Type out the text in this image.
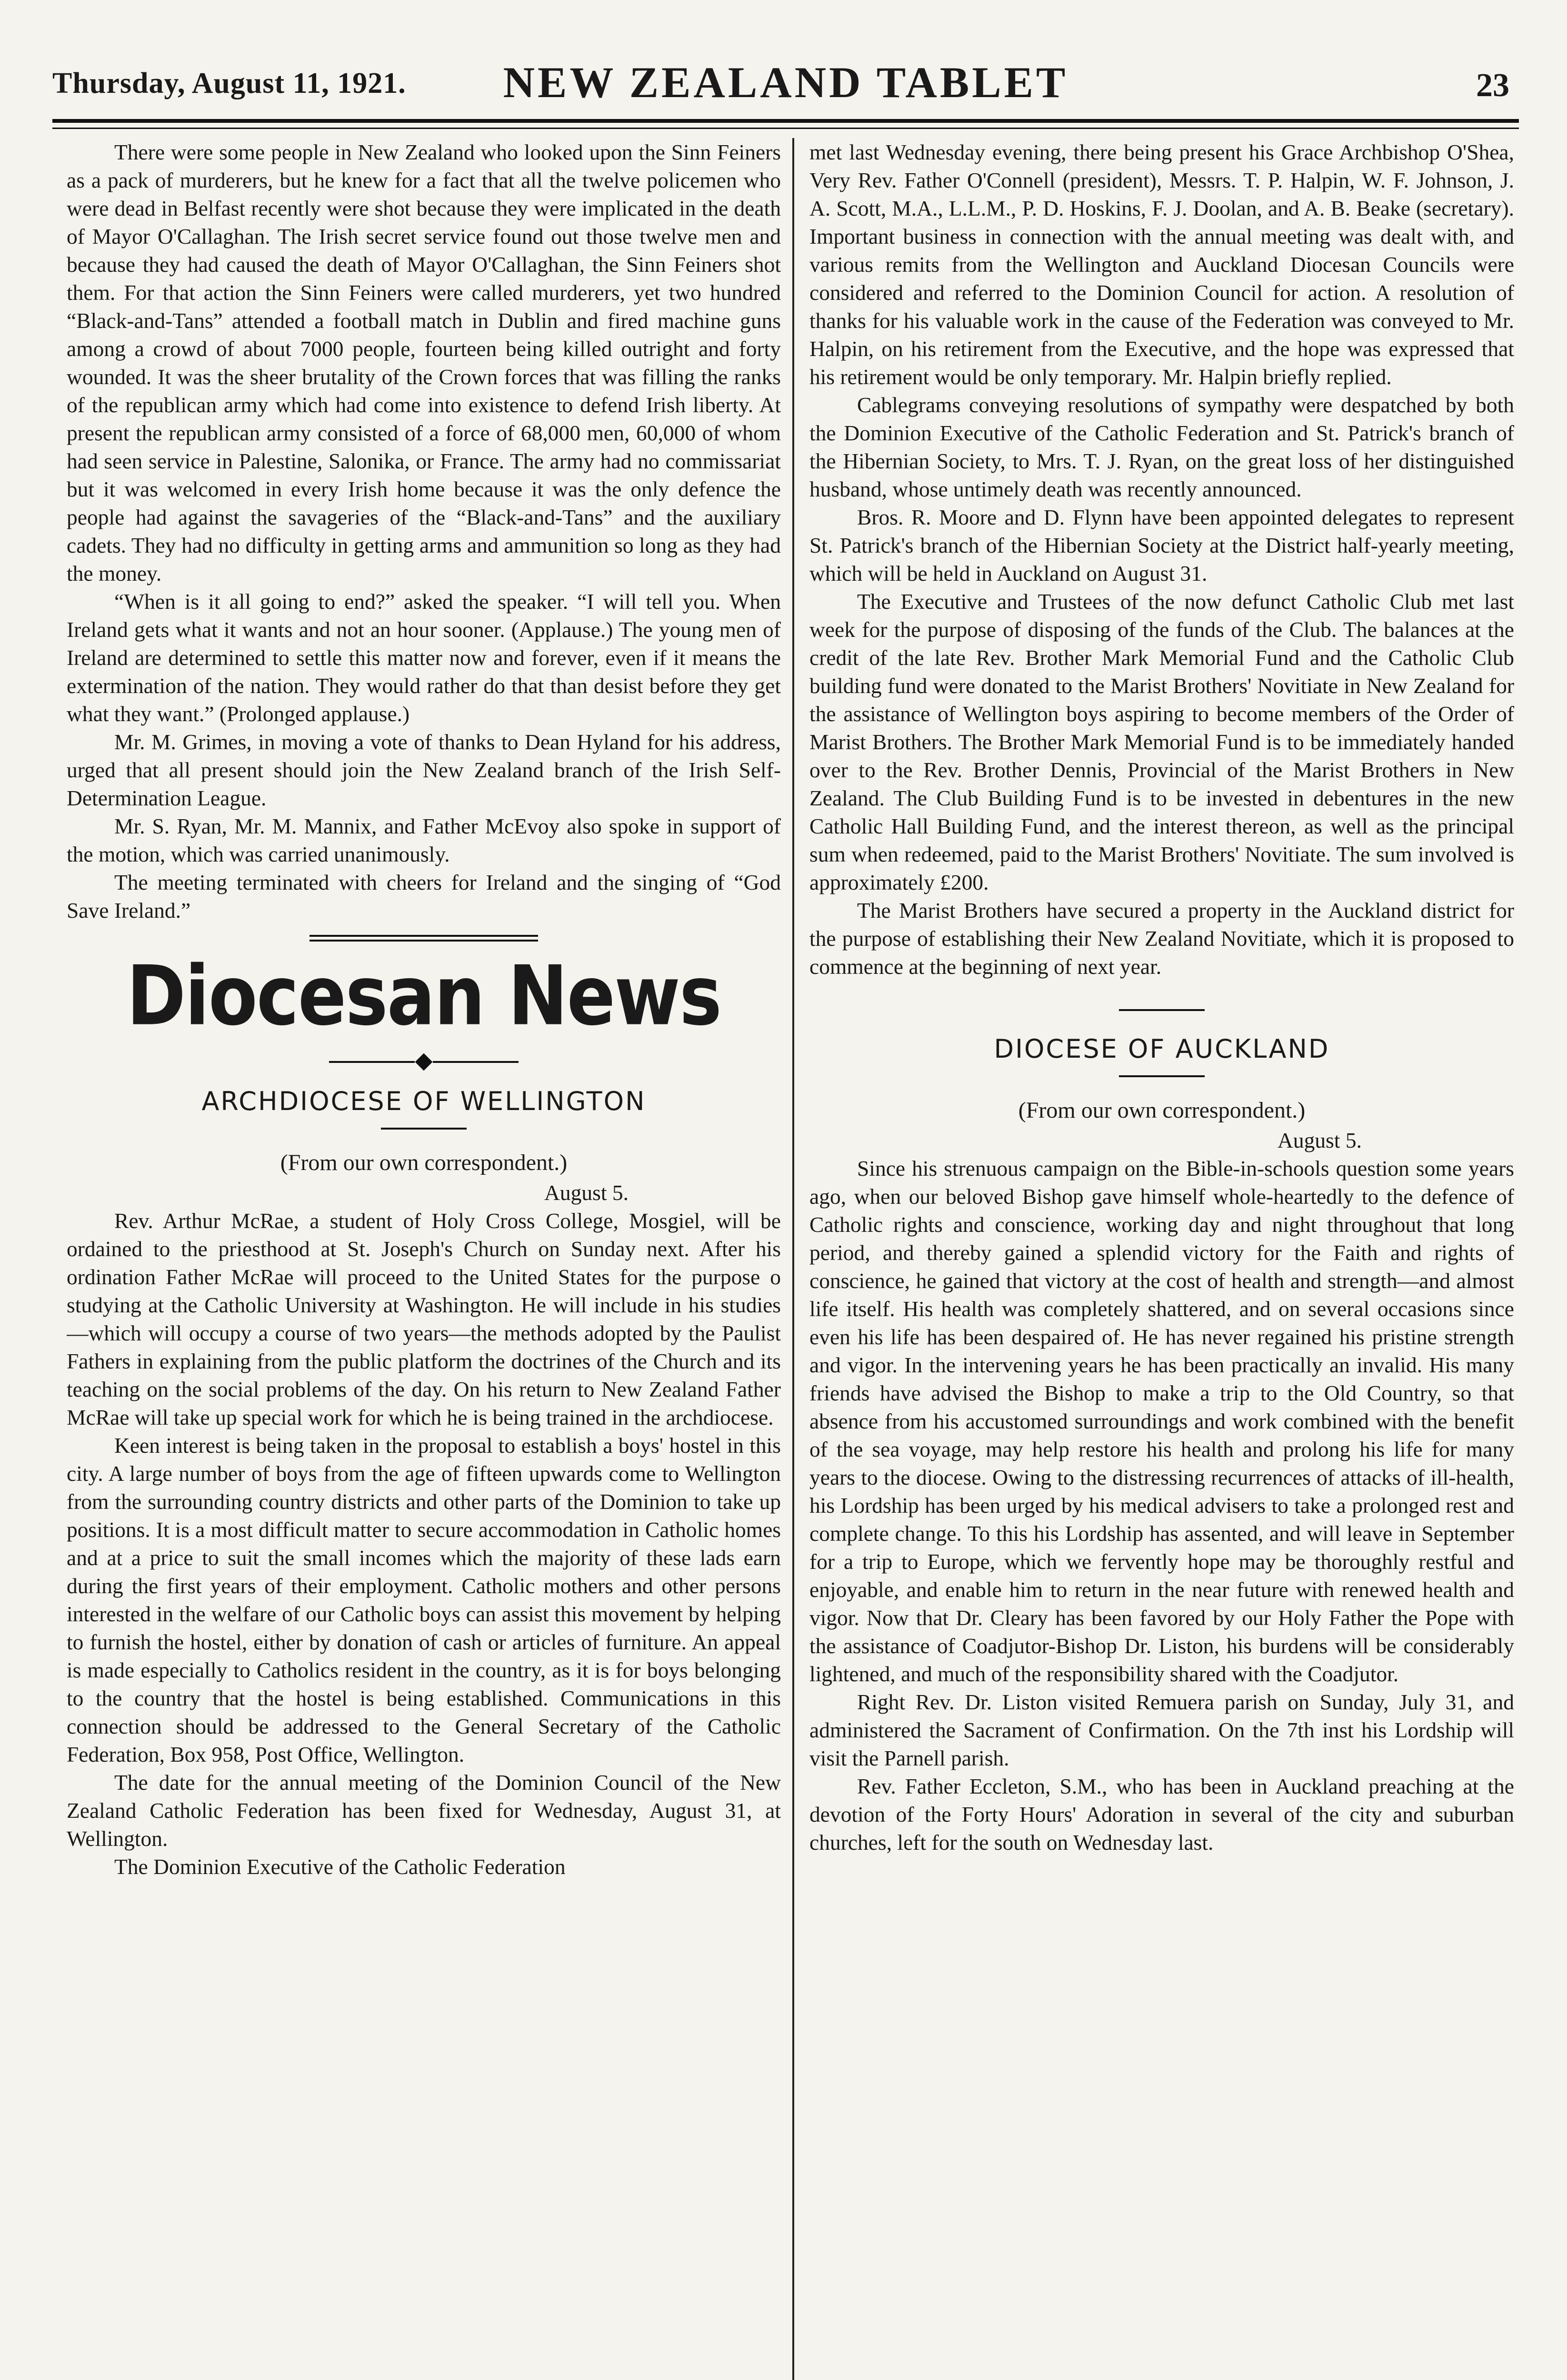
Thursday, August 11, 1921.	NEW ZEALAND TABLET	23

There were some people in New Zealand who looked upon the Sinn Feiners as a pack of murderers, but he knew for a fact that all the twelve policemen who were dead in Belfast recently were shot because they were implicated in the death of Mayor O'Callaghan. The Irish secret service found out those twelve men and because they had caused the death of Mayor O'Callaghan, the Sinn Feiners shot them. For that action the Sinn Feiners were called murderers, yet two hundred “Black-and-Tans” attended a football match in Dublin and fired machine guns among a crowd of about 7000 people, fourteen being killed outright and forty wounded. It was the sheer brutality of the Crown forces that was filling the ranks of the republican army which had come into existence to defend Irish liberty. At present the republican army consisted of a force of 68,000 men, 60,000 of whom had seen service in Palestine, Salonika, or France. The army had no commissariat but it was welcomed in every Irish home because it was the only defence the people had against the savageries of the “Black-and-Tans” and the auxiliary cadets. They had no difficulty in getting arms and ammunition so long as they had the money.

“When is it all going to end?” asked the speaker. “I will tell you. When Ireland gets what it wants and not an hour sooner. (Applause.) The young men of Ireland are determined to settle this matter now and forever, even if it means the extermination of the nation. They would rather do that than desist before they get what they want.” (Prolonged applause.)

Mr. M. Grimes, in moving a vote of thanks to Dean Hyland for his address, urged that all present should join the New Zealand branch of the Irish Self-Determination League.

Mr. S. Ryan, Mr. M. Mannix, and Father McEvoy also spoke in support of the motion, which was carried unanimously.

The meeting terminated with cheers for Ireland and the singing of “God Save Ireland.”

Diocesan News
ARCHDIOCESE OF WELLINGTON
(From our own correspondent.)

August 5.

Rev. Arthur McRae, a student of Holy Cross College, Mosgiel, will be ordained to the priesthood at St. Joseph's Church on Sunday next. After his ordination Father McRae will proceed to the United States for the purpose o studying at the Catholic University at Washington. He will include in his studies—which will occupy a course of two years—the methods adopted by the Paulist Fathers in explaining from the public platform the doctrines of the Church and its teaching on the social problems of the day. On his return to New Zealand Father McRae will take up special work for which he is being trained in the archdiocese.

Keen interest is being taken in the proposal to establish a boys' hostel in this city. A large number of boys from the age of fifteen upwards come to Wellington from the surrounding country districts and other parts of the Dominion to take up positions. It is a most difficult matter to secure accommodation in Catholic homes and at a price to suit the small incomes which the majority of these lads earn during the first years of their employment. Catholic mothers and other persons interested in the welfare of our Catholic boys can assist this movement by helping to furnish the hostel, either by donation of cash or articles of furniture. An appeal is made especially to Catholics resident in the country, as it is for boys belonging to the country that the hostel is being established. Communications in this connection should be addressed to the General Secretary of the Catholic Federation, Box 958, Post Office, Wellington.

The date for the annual meeting of the Dominion Council of the New Zealand Catholic Federation has been fixed for Wednesday, August 31, at Wellington.

The Dominion Executive of the Catholic Federation

met last Wednesday evening, there being present his Grace Archbishop O'Shea, Very Rev. Father O'Connell (president), Messrs. T. P. Halpin, W. F. Johnson, J. A. Scott, M.A., L.L.M., P. D. Hoskins, F. J. Doolan, and A. B. Beake (secretary). Important business in connection with the annual meeting was dealt with, and various remits from the Wellington and Auckland Diocesan Councils were considered and referred to the Dominion Council for action. A resolution of thanks for his valuable work in the cause of the Federation was conveyed to Mr. Halpin, on his retirement from the Executive, and the hope was expressed that his retirement would be only temporary. Mr. Halpin briefly replied.

Cablegrams conveying resolutions of sympathy were despatched by both the Dominion Executive of the Catholic Federation and St. Patrick's branch of the Hibernian Society, to Mrs. T. J. Ryan, on the great loss of her distinguished husband, whose untimely death was recently announced.

Bros. R. Moore and D. Flynn have been appointed delegates to represent St. Patrick's branch of the Hibernian Society at the District half-yearly meeting, which will be held in Auckland on August 31.

The Executive and Trustees of the now defunct Catholic Club met last week for the purpose of disposing of the funds of the Club. The balances at the credit of the late Rev. Brother Mark Memorial Fund and the Catholic Club building fund were donated to the Marist Brothers' Novitiate in New Zealand for the assistance of Wellington boys aspiring to become members of the Order of Marist Brothers. The Brother Mark Memorial Fund is to be immediately handed over to the Rev. Brother Dennis, Provincial of the Marist Brothers in New Zealand. The Club Building Fund is to be invested in debentures in the new Catholic Hall Building Fund, and the interest thereon, as well as the principal sum when redeemed, paid to the Marist Brothers' Novitiate. The sum involved is approximately £200.

The Marist Brothers have secured a property in the Auckland district for the purpose of establishing their New Zealand Novitiate, which it is proposed to commence at the beginning of next year.

DIOCESE OF AUCKLAND
(From our own correspondent.)

August 5.

Since his strenuous campaign on the Bible-in-schools question some years ago, when our beloved Bishop gave himself whole-heartedly to the defence of Catholic rights and conscience, working day and night throughout that long period, and thereby gained a splendid victory for the Faith and rights of conscience, he gained that victory at the cost of health and strength—and almost life itself. His health was completely shattered, and on several occasions since even his life has been despaired of. He has never regained his pristine strength and vigor. In the intervening years he has been practically an invalid. His many friends have advised the Bishop to make a trip to the Old Country, so that absence from his accustomed surroundings and work combined with the benefit of the sea voyage, may help restore his health and prolong his life for many years to the diocese. Owing to the distressing recurrences of attacks of ill-health, his Lordship has been urged by his medical advisers to take a prolonged rest and complete change. To this his Lordship has assented, and will leave in September for a trip to Europe, which we fervently hope may be thoroughly restful and enjoyable, and enable him to return in the near future with renewed health and vigor. Now that Dr. Cleary has been favored by our Holy Father the Pope with the assistance of Coadjutor-Bishop Dr. Liston, his burdens will be considerably lightened, and much of the responsibility shared with the Coadjutor.

Right Rev. Dr. Liston visited Remuera parish on Sunday, July 31, and administered the Sacrament of Confirmation. On the 7th inst his Lordship will visit the Parnell parish.

Rev. Father Eccleton, S.M., who has been in Auckland preaching at the devotion of the Forty Hours' Adoration in several of the city and suburban churches, left for the south on Wednesday last.
